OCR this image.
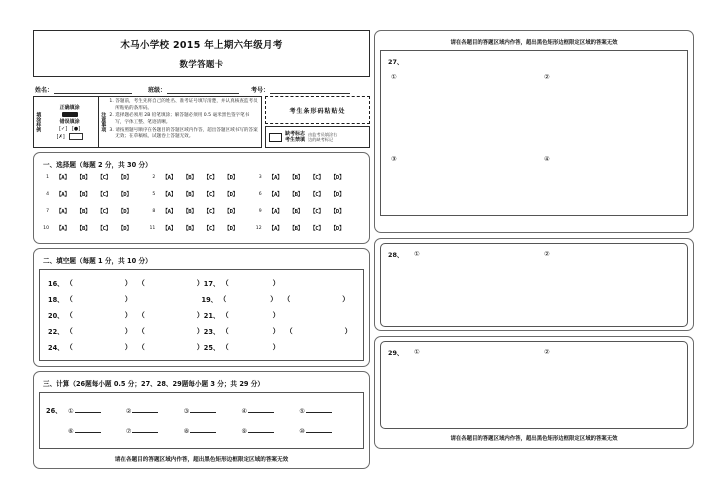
木马小学校 2015 年上期六年级月考
数学答题卡
姓名：	班级：	考号：
填涂样例
正确填涂
错误填涂
[✓] [●]
[✗]
注意事项
1. 答题前，考生先将自己的姓名、准考证号填写清楚，并认真核查监考员所粘贴的条形码。
2. 选择题必须用 2B 铅笔填涂；解答题必须用 0.5 毫米黑色签字笔书写，字体工整、笔迹清晰。
3. 请按照题号顺序在各题目的答题区域内作答，超出答题区域书写的答案无效；在草稿纸、试题卷上答题无效。
考生条形码粘贴处
缺考标志
考生禁填
由监考员填涂右
边的缺考标记
一、选择题（每题 2 分，共 30 分）
1 【A】 【B】 【C】 【D】	2 【A】 【B】 【C】 【D】	3 【A】 【B】 【C】 【D】
4 【A】 【B】 【C】 【D】	5 【A】 【B】 【C】 【D】	6 【A】 【B】 【C】 【D】
7 【A】 【B】 【C】 【D】	8 【A】 【B】 【C】 【D】	9 【A】 【B】 【C】 【D】
10 【A】 【B】 【C】 【D】	11 【A】 【B】 【C】 【D】	12 【A】 【B】 【C】 【D】
二、填空题（每题 1 分，共 10 分）
16、 （	） （	） 17、 （	）
18、 （	）	19、 （	） （	）
20、 （	） （	） 21、 （	）
22、 （	） （	） 23、 （	） （	）
24、 （	） （	） 25、 （	）
三、计算（26题每小题 0.5 分；27、28、29题每小题 3 分；共 29 分）
26、	①	②	③	④	⑤
⑥	⑦	⑧	⑨	⑩
请在各题目的答题区域内作答，超出黑色矩形边框限定区域的答案无效
请在各题目的答题区域内作答，超出黑色矩形边框限定区域的答案无效
27、
①	②
③	④
28、 ①	②
29、 ①	②
请在各题目的答题区域内作答，超出黑色矩形边框限定区域的答案无效
